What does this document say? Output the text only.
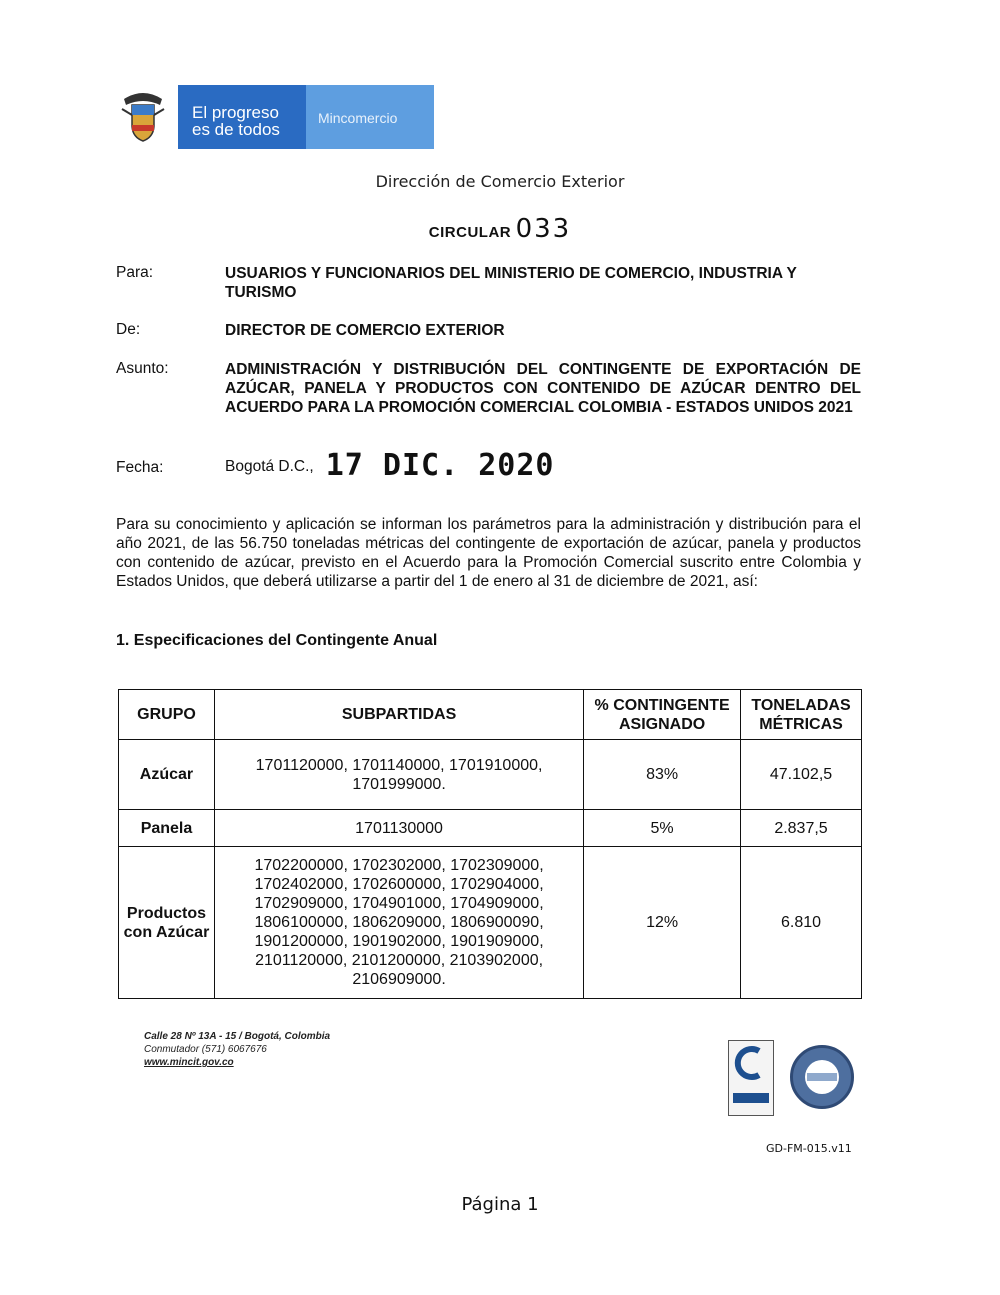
El progreso
es de todos
Mincomercio
Dirección de Comercio Exterior
CIRCULAR 033
Para:	USUARIOS Y FUNCIONARIOS DEL MINISTERIO DE COMERCIO, INDUSTRIA Y TURISMO
De:	DIRECTOR DE COMERCIO EXTERIOR
Asunto:	ADMINISTRACIÓN Y DISTRIBUCIÓN DEL CONTINGENTE DE EXPORTACIÓN DE AZÚCAR, PANELA Y PRODUCTOS CON CONTENIDO DE AZÚCAR DENTRO DEL ACUERDO PARA LA PROMOCIÓN COMERCIAL COLOMBIA - ESTADOS UNIDOS 2021
Fecha:	Bogotá D.C., 17 DIC. 2020
Para su conocimiento y aplicación se informan los parámetros para la administración y distribución para el año 2021, de las 56.750 toneladas métricas del contingente de exportación de azúcar, panela y productos con contenido de azúcar, previsto en el Acuerdo para la Promoción Comercial suscrito entre Colombia y Estados Unidos, que deberá utilizarse a partir del 1 de enero al 31 de diciembre de 2021, así:
1. Especificaciones del Contingente Anual
GRUPO	SUBPARTIDAS	% CONTINGENTE ASIGNADO	TONELADAS MÉTRICAS
Azúcar	1701120000, 1701140000, 1701910000, 1701999000.	83%	47.102,5
Panela	1701130000	5%	2.837,5
Productos con Azúcar	1702200000, 1702302000, 1702309000, 1702402000, 1702600000, 1702904000, 1702909000, 1704901000, 1704909000, 1806100000, 1806209000, 1806900090, 1901200000, 1901902000, 1901909000, 2101120000, 2101200000, 2103902000, 2106909000.	12%	6.810
Calle 28 Nº 13A - 15 / Bogotá, Colombia
Conmutador (571) 6067676
www.mincit.gov.co
GD-FM-015.v11
Página 1
